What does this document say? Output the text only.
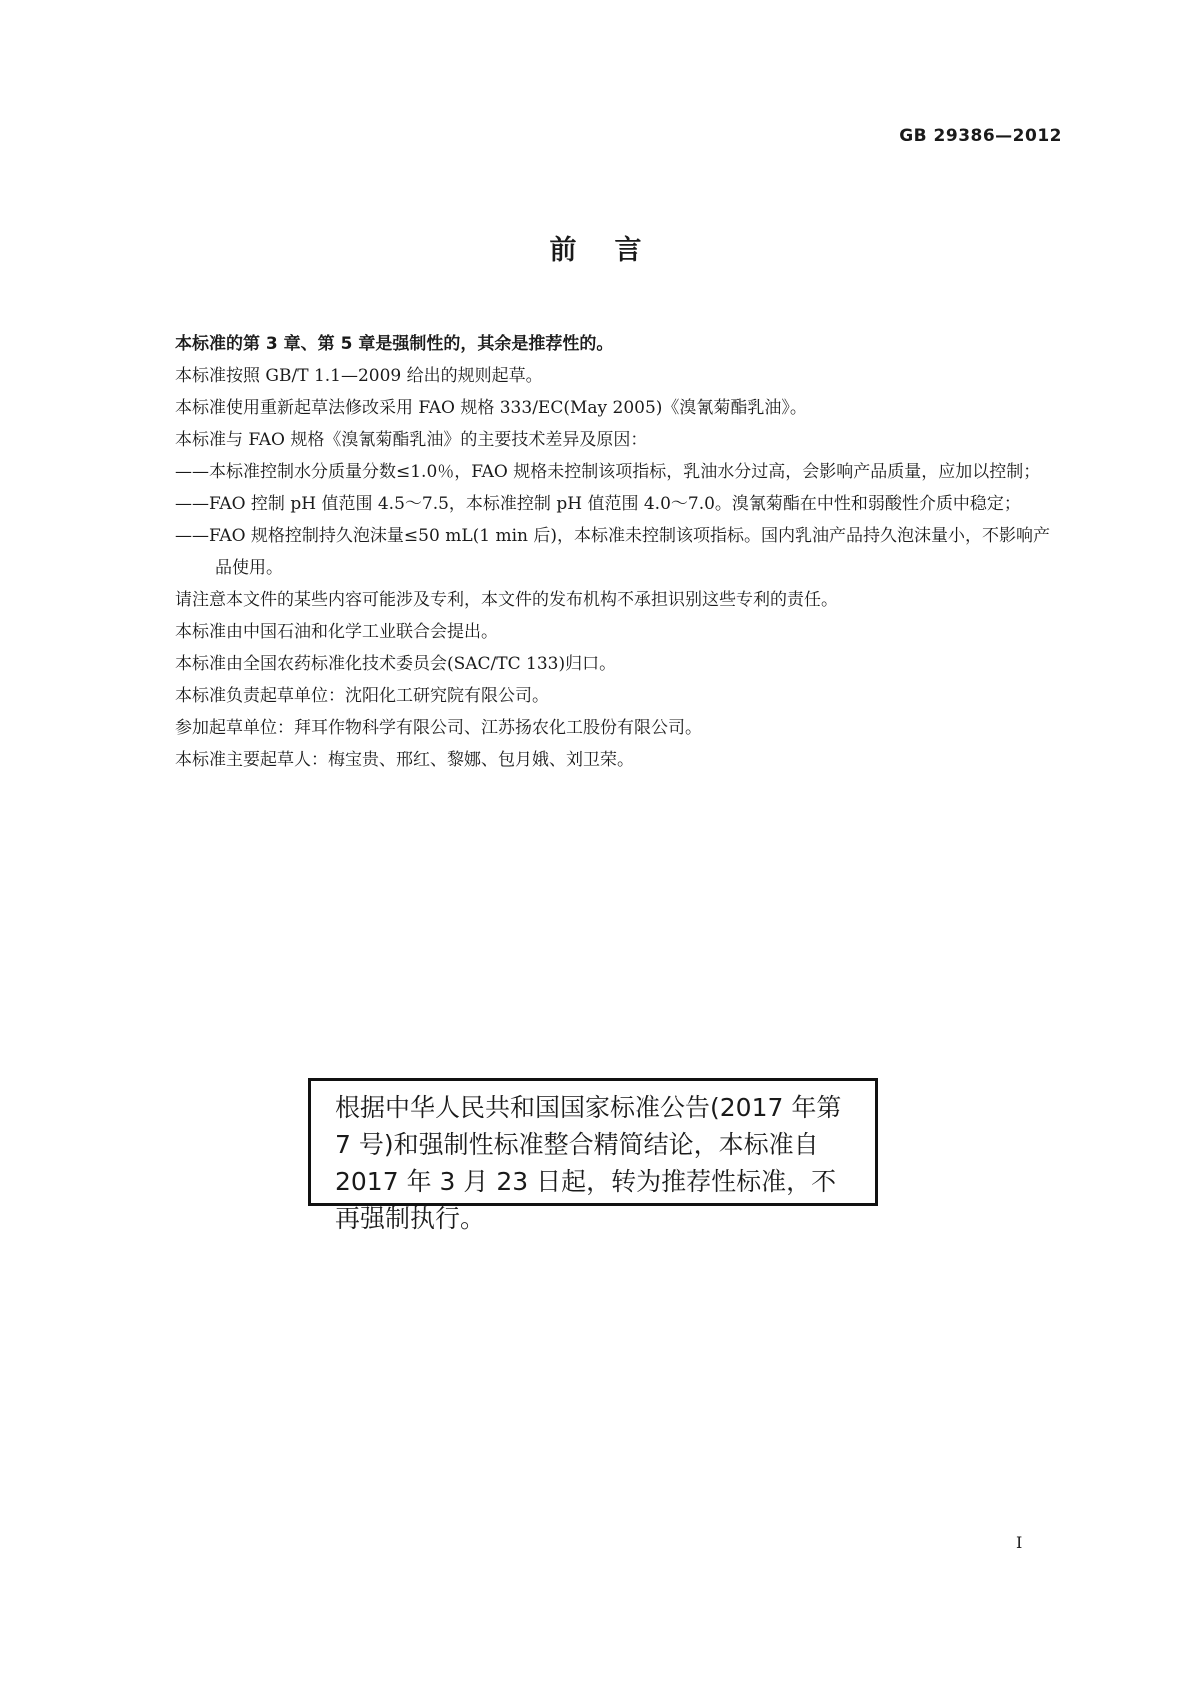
GB 29386—2012
前言
本标准的第 3 章、第 5 章是强制性的，其余是推荐性的。
本标准按照 GB/T 1.1—2009 给出的规则起草。
本标准使用重新起草法修改采用 FAO 规格 333/EC(May 2005)《溴氰菊酯乳油》。
本标准与 FAO 规格《溴氰菊酯乳油》的主要技术差异及原因：
——本标准控制水分质量分数≤1.0％，FAO 规格未控制该项指标，乳油水分过高，会影响产品质量，应加以控制；
——FAO 控制 pH 值范围 4.5～7.5，本标准控制 pH 值范围 4.0～7.0。溴氰菊酯在中性和弱酸性介质中稳定；
——FAO 规格控制持久泡沫量≤50 mL(1 min 后)，本标准未控制该项指标。国内乳油产品持久泡沫量小，不影响产品使用。
请注意本文件的某些内容可能涉及专利，本文件的发布机构不承担识别这些专利的责任。
本标准由中国石油和化学工业联合会提出。
本标准由全国农药标准化技术委员会(SAC/TC 133)归口。
本标准负责起草单位：沈阳化工研究院有限公司。
参加起草单位：拜耳作物科学有限公司、江苏扬农化工股份有限公司。
本标准主要起草人：梅宝贵、邢红、黎娜、包月娥、刘卫荣。
根据中华人民共和国国家标准公告(2017 年第 7 号)和强制性标准整合精简结论，本标准自 2017 年 3 月 23 日起，转为推荐性标准，不再强制执行。
I
